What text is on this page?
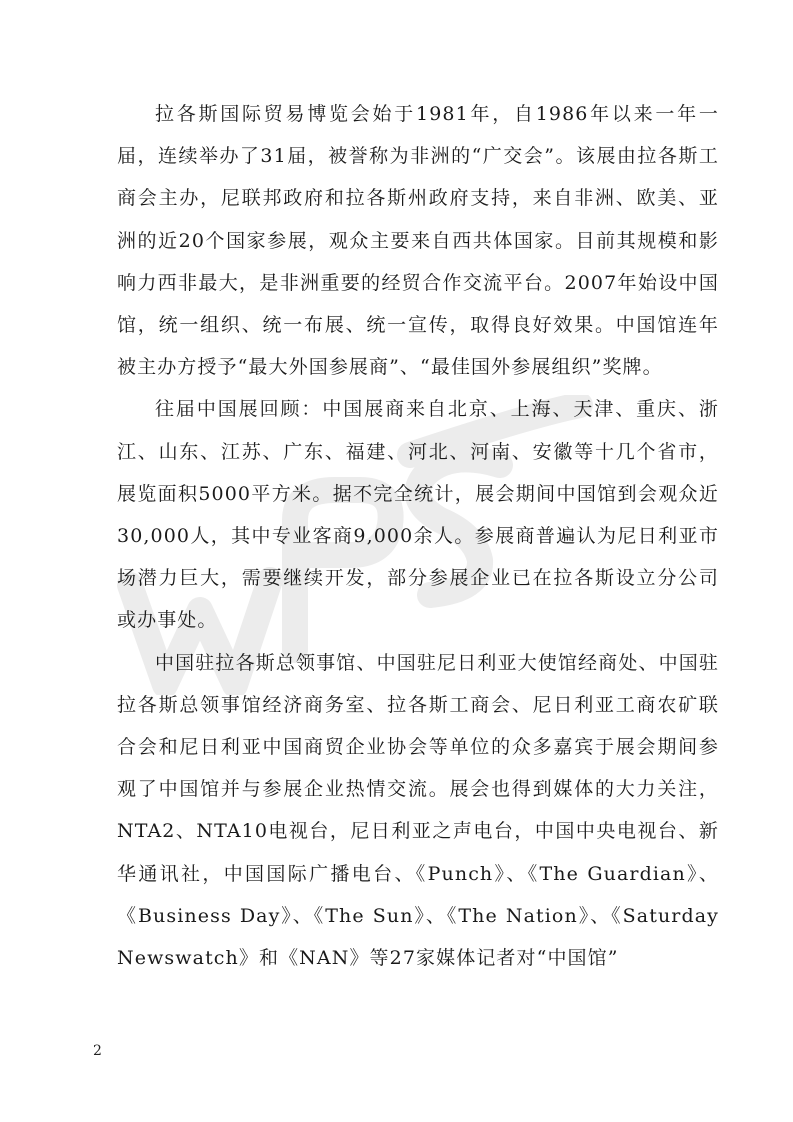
拉各斯国际贸易博览会始于1981年，自1986年以来一年一届，连续举办了31届，被誉称为非洲的“广交会”。该展由拉各斯工商会主办，尼联邦政府和拉各斯州政府支持，来自非洲、欧美、亚洲的近20个国家参展，观众主要来自西共体国家。目前其规模和影响力西非最大，是非洲重要的经贸合作交流平台。2007年始设中国馆，统一组织、统一布展、统一宣传，取得良好效果。中国馆连年被主办方授予“最大外国参展商”、“最佳国外参展组织”奖牌。

往届中国展回顾：中国展商来自北京、上海、天津、重庆、浙江、山东、江苏、广东、福建、河北、河南、安徽等十几个省市，展览面积5000平方米。据不完全统计，展会期间中国馆到会观众近30,000人，其中专业客商9,000余人。参展商普遍认为尼日利亚市场潜力巨大，需要继续开发，部分参展企业已在拉各斯设立分公司或办事处。

中国驻拉各斯总领事馆、中国驻尼日利亚大使馆经商处、中国驻拉各斯总领事馆经济商务室、拉各斯工商会、尼日利亚工商农矿联合会和尼日利亚中国商贸企业协会等单位的众多嘉宾于展会期间参观了中国馆并与参展企业热情交流。展会也得到媒体的大力关注，NTA2、NTA10电视台，尼日利亚之声电台，中国中央电视台、新华通讯社，中国国际广播电台、《Punch》、《The Guardian》、《Business Day》、《The Sun》、《The Nation》、《Saturday Newswatch》和《NAN》等27家媒体记者对“中国馆”

2
